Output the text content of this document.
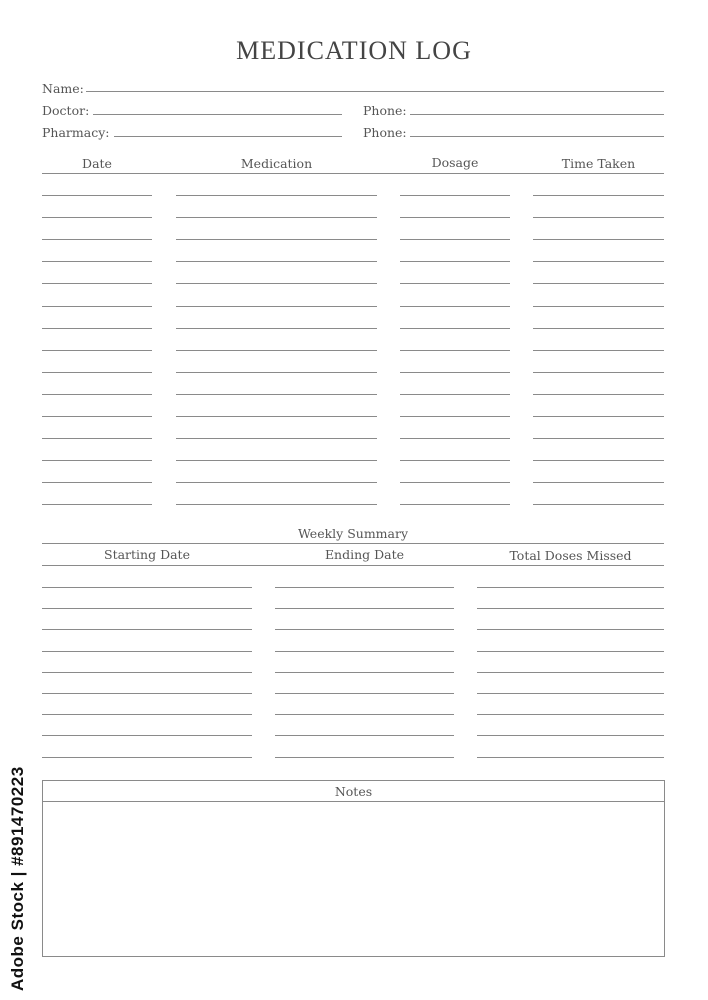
MEDICATION LOG
Name:
Doctor:	Phone:
Pharmacy:	Phone:
Date	Medication	Dosage	Time Taken
Weekly Summary
Starting Date	Ending Date	Total Doses Missed
Notes
Adobe Stock | #891470223
